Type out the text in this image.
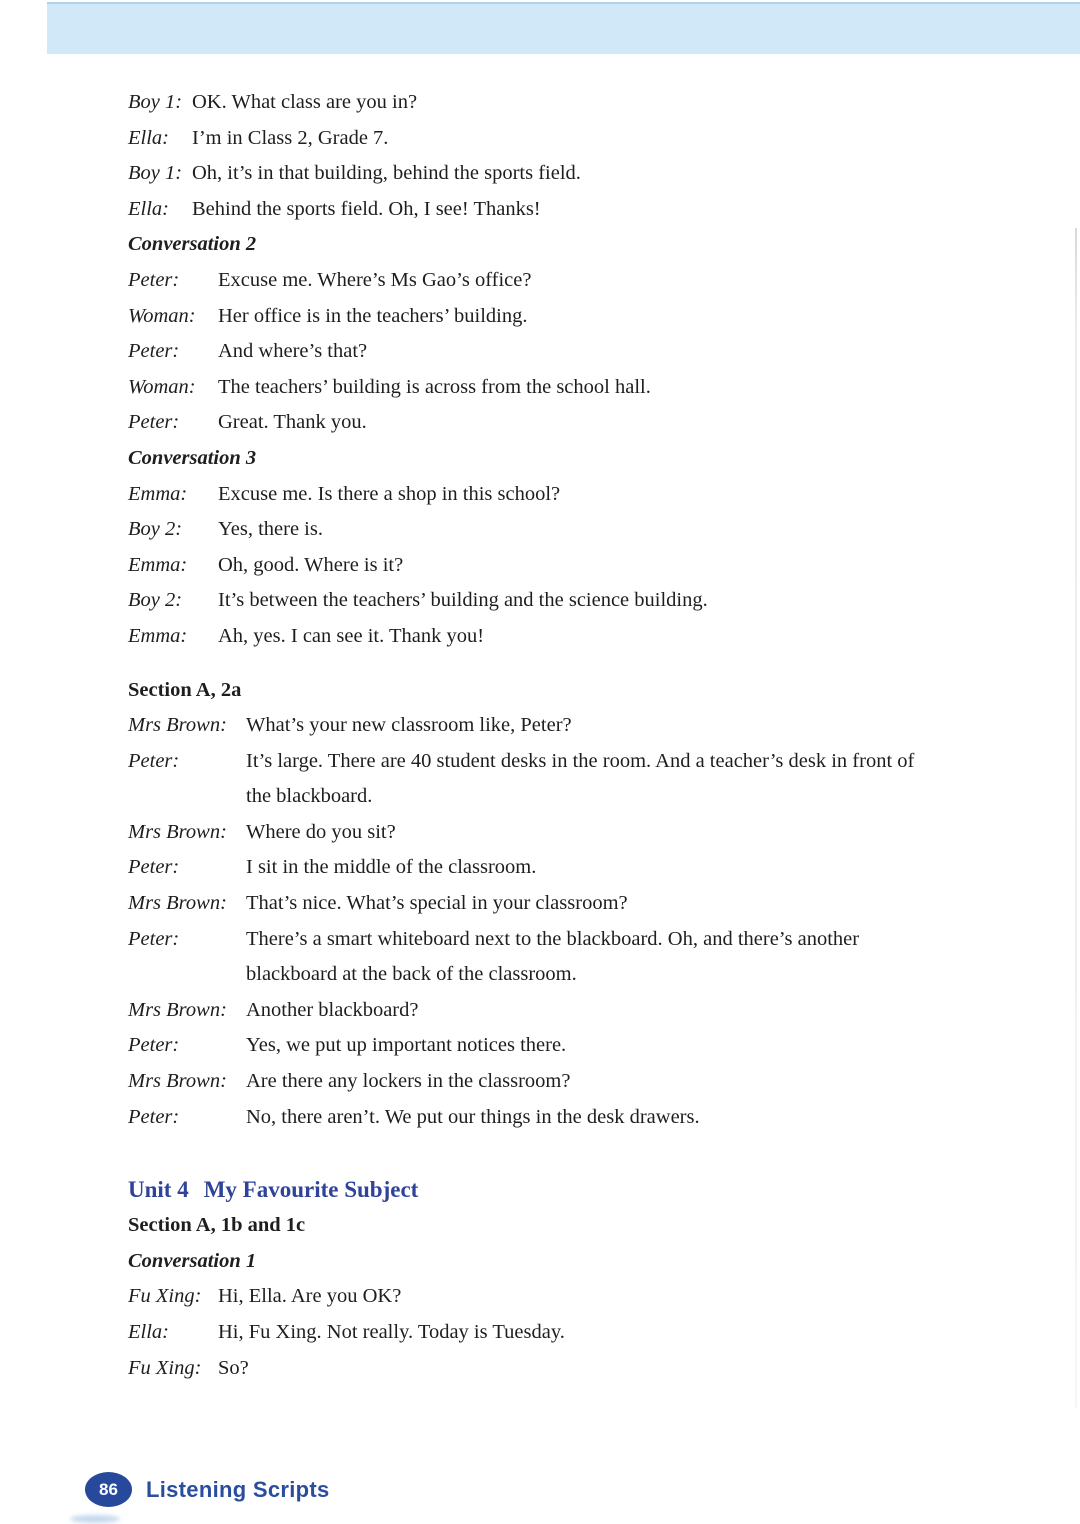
Boy 1: OK. What class are you in?
Ella:	I’m in Class 2, Grade 7.
Boy 1: Oh, it’s in that building, behind the sports field.
Ella:	Behind the sports field. Oh, I see! Thanks!
Conversation 2
Peter:	Excuse me. Where’s Ms Gao’s office?
Woman:	Her office is in the teachers’ building.
Peter:	And where’s that?
Woman:	The teachers’ building is across from the school hall.
Peter:	Great. Thank you.
Conversation 3
Emma:	Excuse me. Is there a shop in this school?
Boy 2:	Yes, there is.
Emma:	Oh, good. Where is it?
Boy 2:	It’s between the teachers’ building and the science building.
Emma:	Ah, yes. I can see it. Thank you!
Section A, 2a
Mrs Brown: What’s your new classroom like, Peter?
Peter:	It’s large. There are 40 student desks in the room. And a teacher’s desk in front of
the blackboard.
Mrs Brown: Where do you sit?
Peter:	I sit in the middle of the classroom.
Mrs Brown: That’s nice. What’s special in your classroom?
Peter:	There’s a smart whiteboard next to the blackboard. Oh, and there’s another
blackboard at the back of the classroom.
Mrs Brown: Another blackboard?
Peter:	Yes, we put up important notices there.
Mrs Brown: Are there any lockers in the classroom?
Peter:	No, there aren’t. We put our things in the desk drawers.
Unit 4 My Favourite Subject
Section A, 1b and 1c
Conversation 1
Fu Xing: Hi, Ella. Are you OK?
Ella:	Hi, Fu Xing. Not really. Today is Tuesday.
Fu Xing: So?
86 Listening Scripts
